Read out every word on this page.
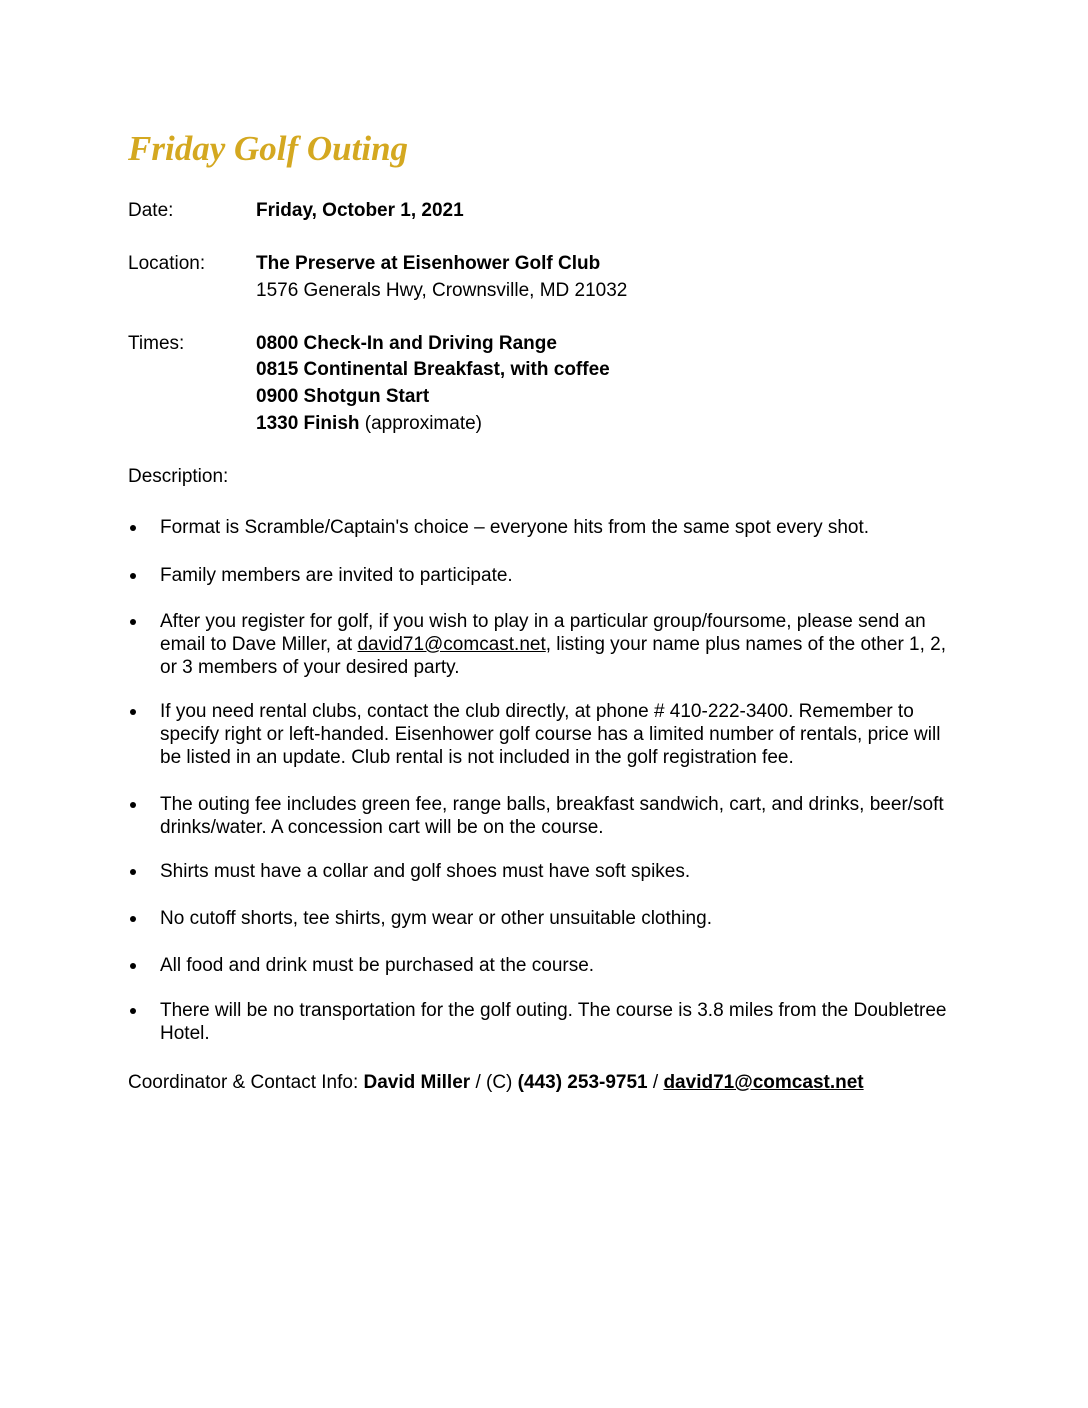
Friday Golf Outing
Date:	Friday, October 1, 2021
Location:	The Preserve at Eisenhower Golf Club
1576 Generals Hwy, Crownsville, MD 21032
Times:	0800 Check-In and Driving Range
0815 Continental Breakfast, with coffee
0900 Shotgun Start
1330 Finish (approximate)
Description:
Format is Scramble/Captain's choice – everyone hits from the same spot every shot.
Family members are invited to participate.
After you register for golf, if you wish to play in a particular group/foursome, please send an email to Dave Miller, at david71@comcast.net, listing your name plus names of the other 1, 2, or 3 members of your desired party.
If you need rental clubs, contact the club directly, at phone # 410-222-3400. Remember to specify right or left-handed. Eisenhower golf course has a limited number of rentals, price will be listed in an update. Club rental is not included in the golf registration fee.
The outing fee includes green fee, range balls, breakfast sandwich, cart, and drinks, beer/soft drinks/water. A concession cart will be on the course.
Shirts must have a collar and golf shoes must have soft spikes.
No cutoff shorts, tee shirts, gym wear or other unsuitable clothing.
All food and drink must be purchased at the course.
There will be no transportation for the golf outing. The course is 3.8 miles from the Doubletree Hotel.
Coordinator & Contact Info: David Miller / (C) (443) 253-9751 / david71@comcast.net
